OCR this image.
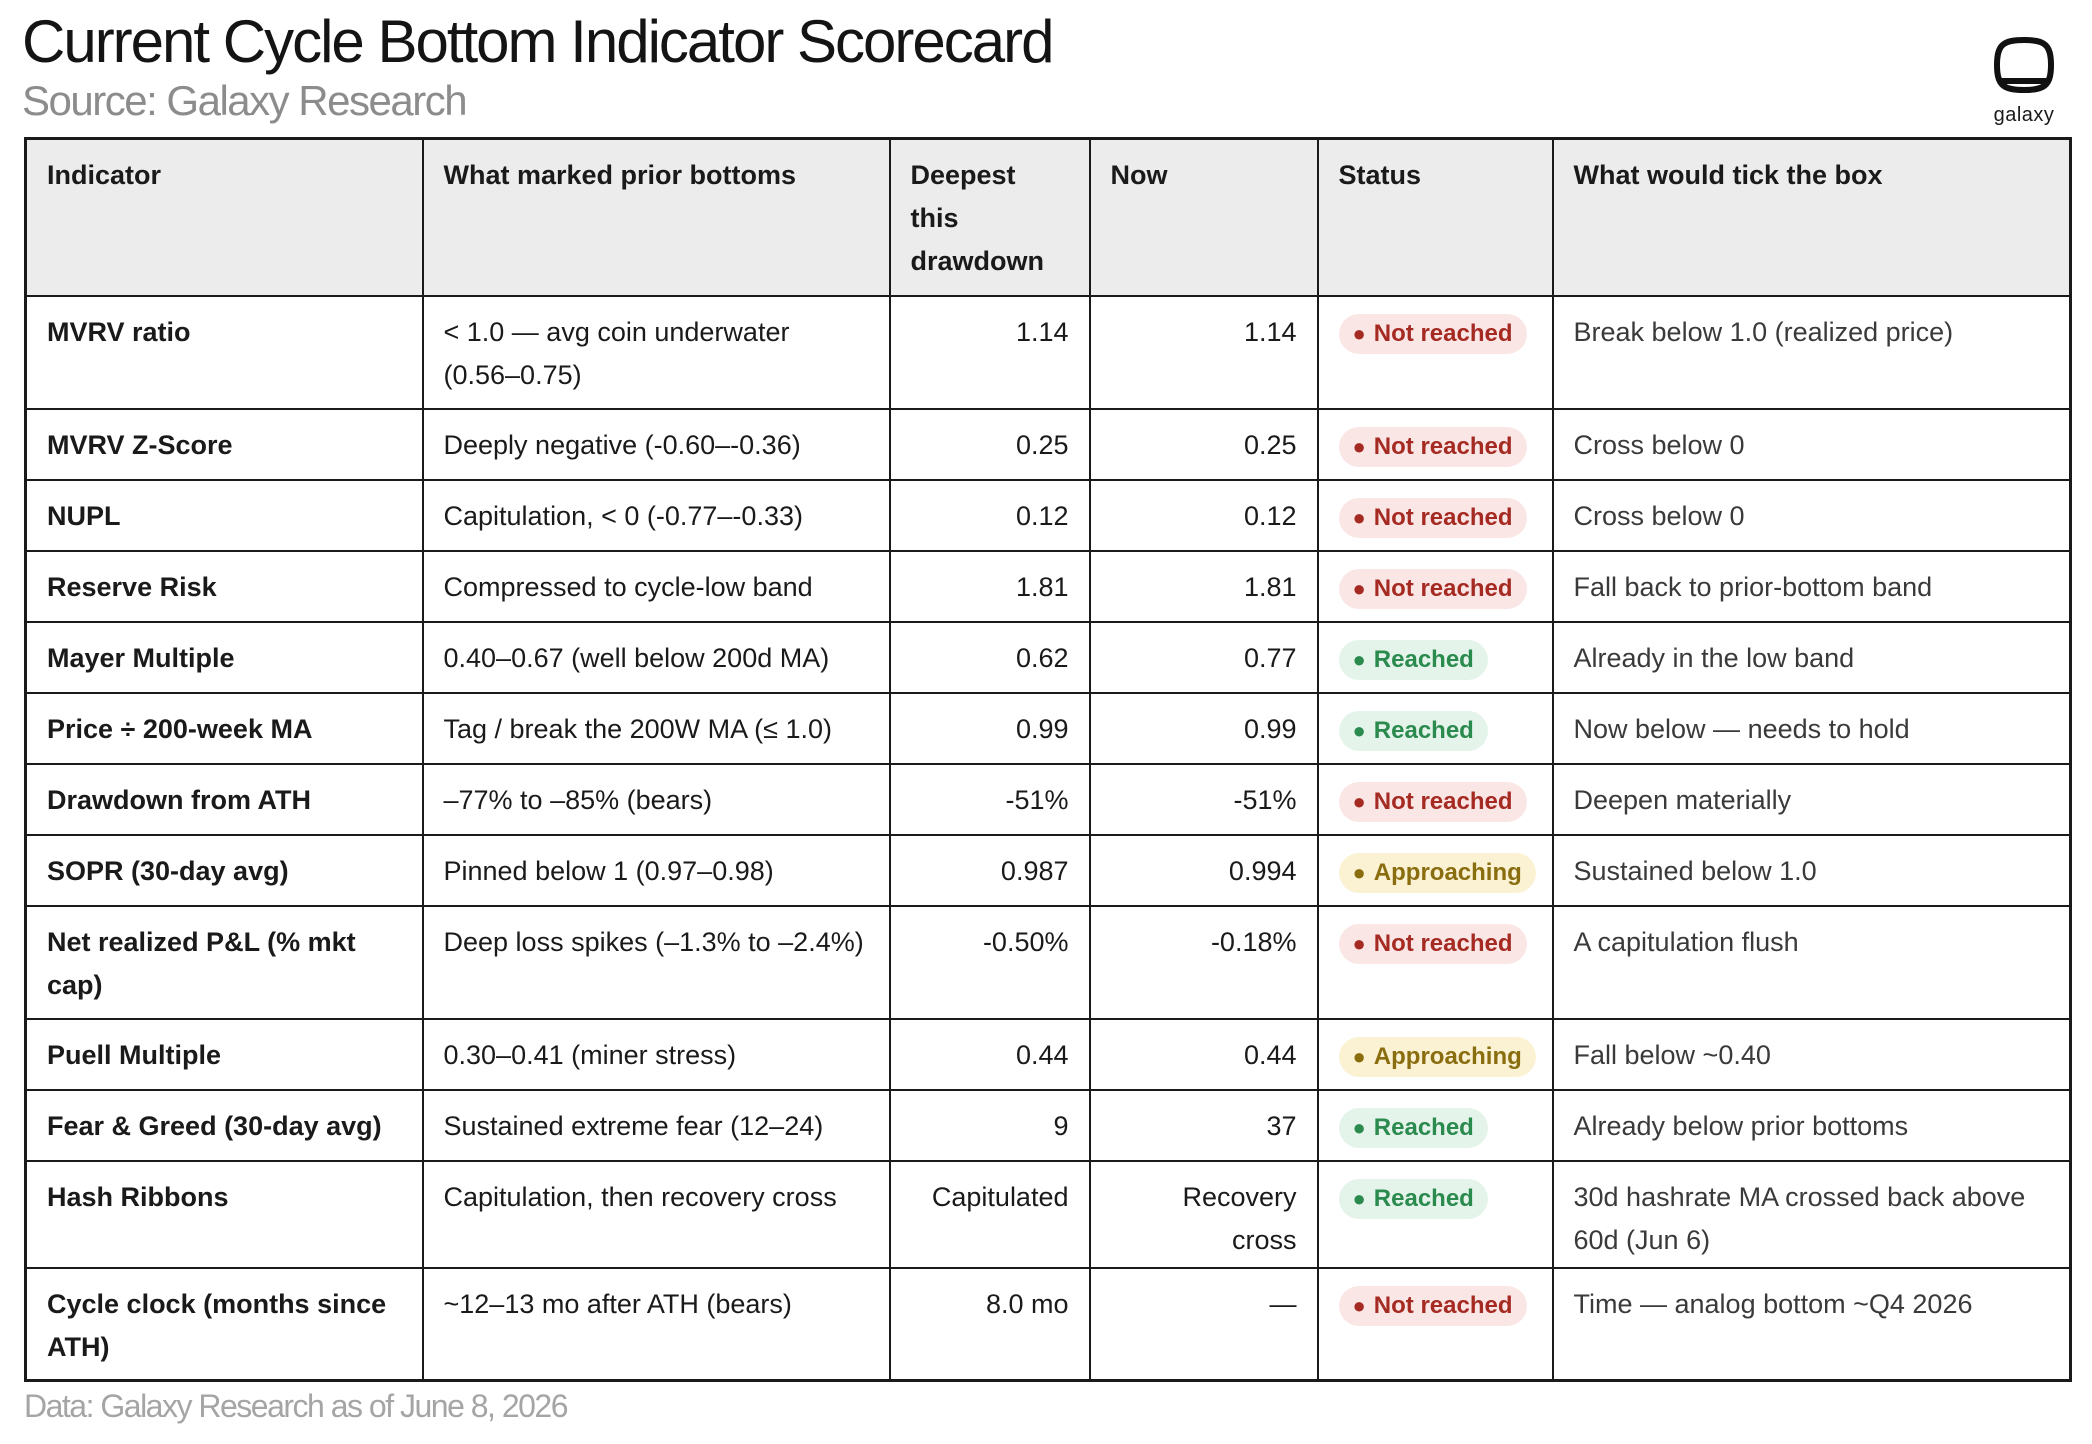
Current Cycle Bottom Indicator Scorecard

Source: Galaxy Research	galaxy
Indicator	What marked prior bottoms	Deepest this drawdown	Now	Status	What would tick the box
MVRV ratio	< 1.0 — avg coin underwater (0.56–0.75)	1.14	1.14	● Not reached	Break below 1.0 (realized price)
MVRV Z-Score	Deeply negative (-0.60–-0.36)	0.25	0.25	● Not reached	Cross below 0
NUPL	Capitulation, < 0 (-0.77–-0.33)	0.12	0.12	● Not reached	Cross below 0
Reserve Risk	Compressed to cycle-low band	1.81	1.81	● Not reached	Fall back to prior-bottom band
Mayer Multiple	0.40–0.67 (well below 200d MA)	0.62	0.77	● Reached	Already in the low band
Price ÷ 200-week MA	Tag / break the 200W MA (≤ 1.0)	0.99	0.99	● Reached	Now below — needs to hold
Drawdown from ATH	–77% to –85% (bears)	-51%	-51%	● Not reached	Deepen materially
SOPR (30-day avg)	Pinned below 1 (0.97–0.98)	0.987	0.994	● Approaching	Sustained below 1.0
Net realized P&L (% mkt cap)	Deep loss spikes (–1.3% to –2.4%)	-0.50%	-0.18%	● Not reached	A capitulation flush
Puell Multiple	0.30–0.41 (miner stress)	0.44	0.44	● Approaching	Fall below ~0.40
Fear & Greed (30-day avg)	Sustained extreme fear (12–24)	9	37	● Reached	Already below prior bottoms
Hash Ribbons	Capitulation, then recovery cross	Capitulated	Recovery cross	● Reached	30d hashrate MA crossed back above 60d (Jun 6)
Cycle clock (months since ATH)	~12–13 mo after ATH (bears)	8.0 mo	—	● Not reached	Time — analog bottom ~Q4 2026

Data: Galaxy Research as of June 8, 2026
